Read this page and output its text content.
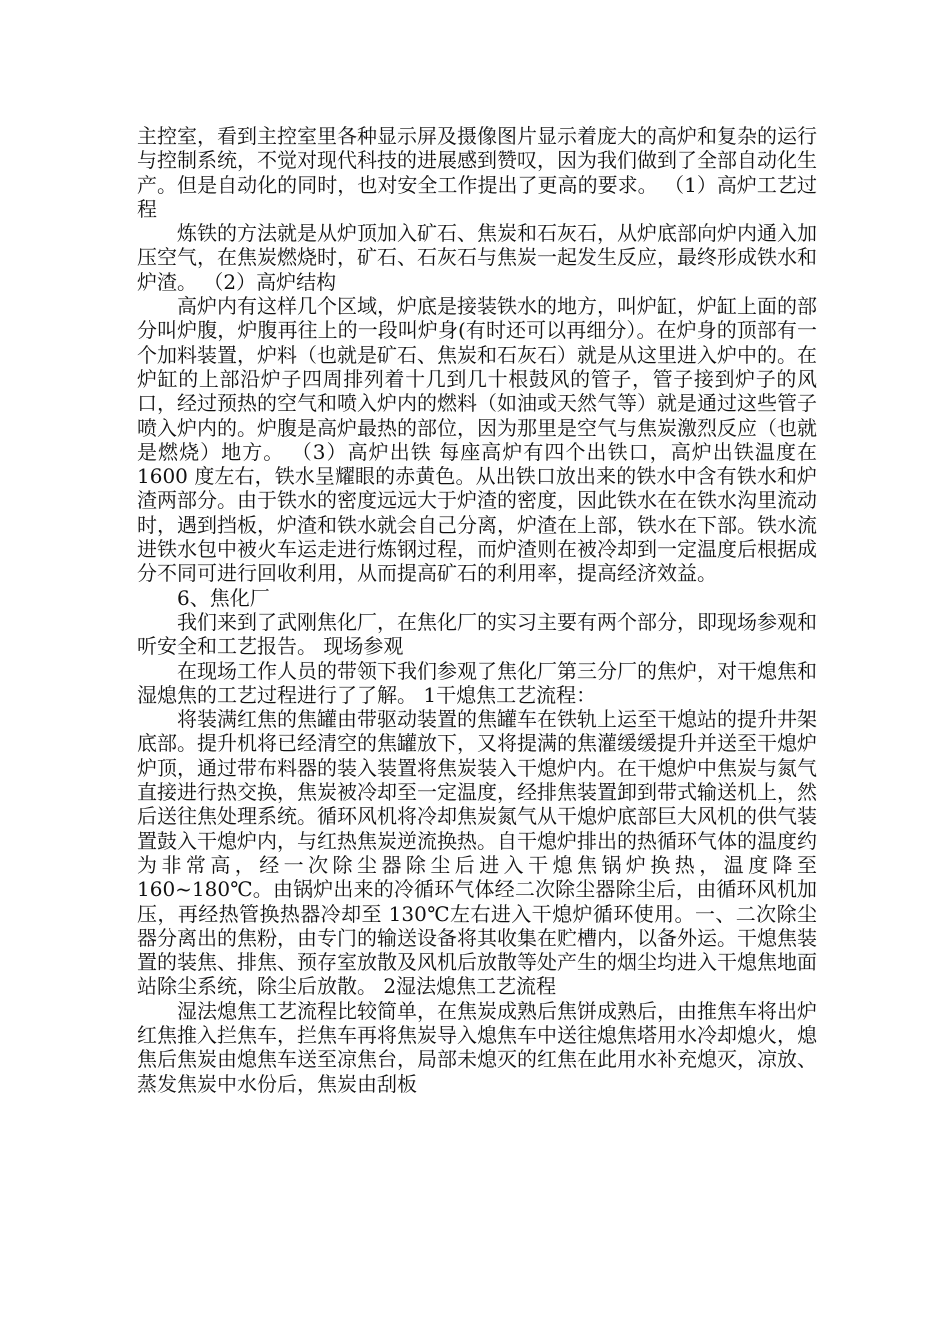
主控室，看到主控室里各种显示屏及摄像图片显示着庞大的高炉和复杂的运行与控制系统，不觉对现代科技的进展感到赞叹，因为我们做到了全部自动化生产。但是自动化的同时，也对安全工作提出了更高的要求。 （1）高炉工艺过程

炼铁的方法就是从炉顶加入矿石、焦炭和石灰石，从炉底部向炉内通入加压空气，在焦炭燃烧时，矿石、石灰石与焦炭一起发生反应，最终形成铁水和炉渣。 （2）高炉结构

高炉内有这样几个区域，炉底是接装铁水的地方，叫炉缸，炉缸上面的部分叫炉腹，炉腹再往上的一段叫炉身(有时还可以再细分）。在炉身的顶部有一个加料装置，炉料（也就是矿石、焦炭和石灰石）就是从这里进入炉中的。在炉缸的上部沿炉子四周排列着十几到几十根鼓风的管子，管子接到炉子的风口，经过预热的空气和喷入炉内的燃料（如油或天然气等）就是通过这些管子喷入炉内的。炉腹是高炉最热的部位，因为那里是空气与焦炭激烈反应（也就是燃烧）地方。 （3）高炉出铁 每座高炉有四个出铁口，高炉出铁温度在 1600 度左右，铁水呈耀眼的赤黄色。从出铁口放出来的铁水中含有铁水和炉渣两部分。由于铁水的密度远远大于炉渣的密度，因此铁水在在铁水沟里流动时，遇到挡板，炉渣和铁水就会自己分离，炉渣在上部，铁水在下部。铁水流进铁水包中被火车运走进行炼钢过程，而炉渣则在被冷却到一定温度后根据成分不同可进行回收利用，从而提高矿石的利用率，提高经济效益。

6、焦化厂

我们来到了武刚焦化厂，在焦化厂的实习主要有两个部分，即现场参观和听安全和工艺报告。 现场参观

在现场工作人员的带领下我们参观了焦化厂第三分厂的焦炉，对干熄焦和湿熄焦的工艺过程进行了了解。 1干熄焦工艺流程：

将装满红焦的焦罐由带驱动装置的焦罐车在铁轨上运至干熄站的提升井架底部。提升机将已经清空的焦罐放下，又将提满的焦灌缓缓提升并送至干熄炉炉顶，通过带布料器的装入装置将焦炭装入干熄炉内。在干熄炉中焦炭与氮气直接进行热交换，焦炭被冷却至一定温度，经排焦装置卸到带式输送机上，然后送往焦处理系统。循环风机将冷却焦炭氮气从干熄炉底部巨大风机的供气装置鼓入干熄炉内，与红热焦炭逆流换热。自干熄炉排出的热循环气体的温度约为非常高，经一次除尘器除尘后进入干熄焦锅炉换热，温度降至160~180℃。由锅炉出来的冷循环气体经二次除尘器除尘后，由循环风机加压，再经热管换热器冷却至 130℃左右进入干熄炉循环使用。一、二次除尘器分离出的焦粉，由专门的输送设备将其收集在贮槽内，以备外运。干熄焦装置的装焦、排焦、预存室放散及风机后放散等处产生的烟尘均进入干熄焦地面站除尘系统，除尘后放散。 2湿法熄焦工艺流程

湿法熄焦工艺流程比较简单，在焦炭成熟后焦饼成熟后，由推焦车将出炉红焦推入拦焦车，拦焦车再将焦炭导入熄焦车中送往熄焦塔用水冷却熄火，熄焦后焦炭由熄焦车送至凉焦台，局部未熄灭的红焦在此用水补充熄灭，凉放、蒸发焦炭中水份后，焦炭由刮板
